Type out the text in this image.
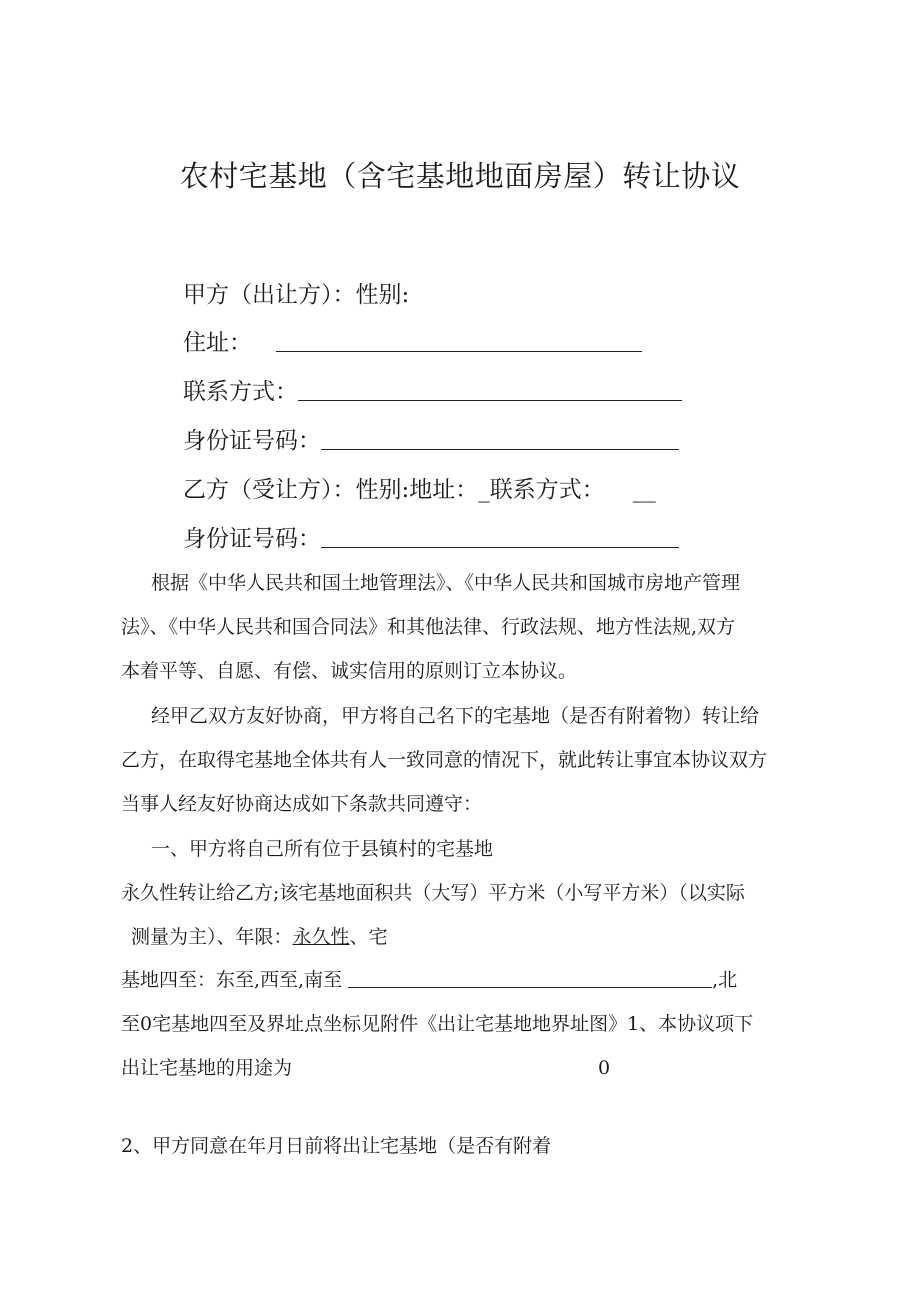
农村宅基地（含宅基地地面房屋）转让协议
甲方（出让方）：性别:
住址：
联系方式：
身份证号码：
乙方（受让方）：性别:地址：_联系方式： __
身份证号码：
根据《中华人民共和国土地管理法》、《中华人民共和国城市房地产管理
法》、《中华人民共和国合同法》和其他法律、行政法规、地方性法规,双方
本着平等、自愿、有偿、诚实信用的原则订立本协议。
经甲乙双方友好协商，甲方将自己名下的宅基地（是否有附着物）转让给
乙方，在取得宅基地全体共有人一致同意的情况下，就此转让事宜本协议双方
当事人经友好协商达成如下条款共同遵守：
一、甲方将自己所有位于县镇村的宅基地
永久性转让给乙方;该宅基地面积共（大写）平方米（小写平方米）（以实际
测量为主）、年限：永久性、宅
基地四至：东至,西至,南至	,北
至0宅基地四至及界址点坐标见附件《出让宅基地地界址图》1、本协议项下
出让宅基地的用途为	0
2、甲方同意在年月日前将出让宅基地（是否有附着
